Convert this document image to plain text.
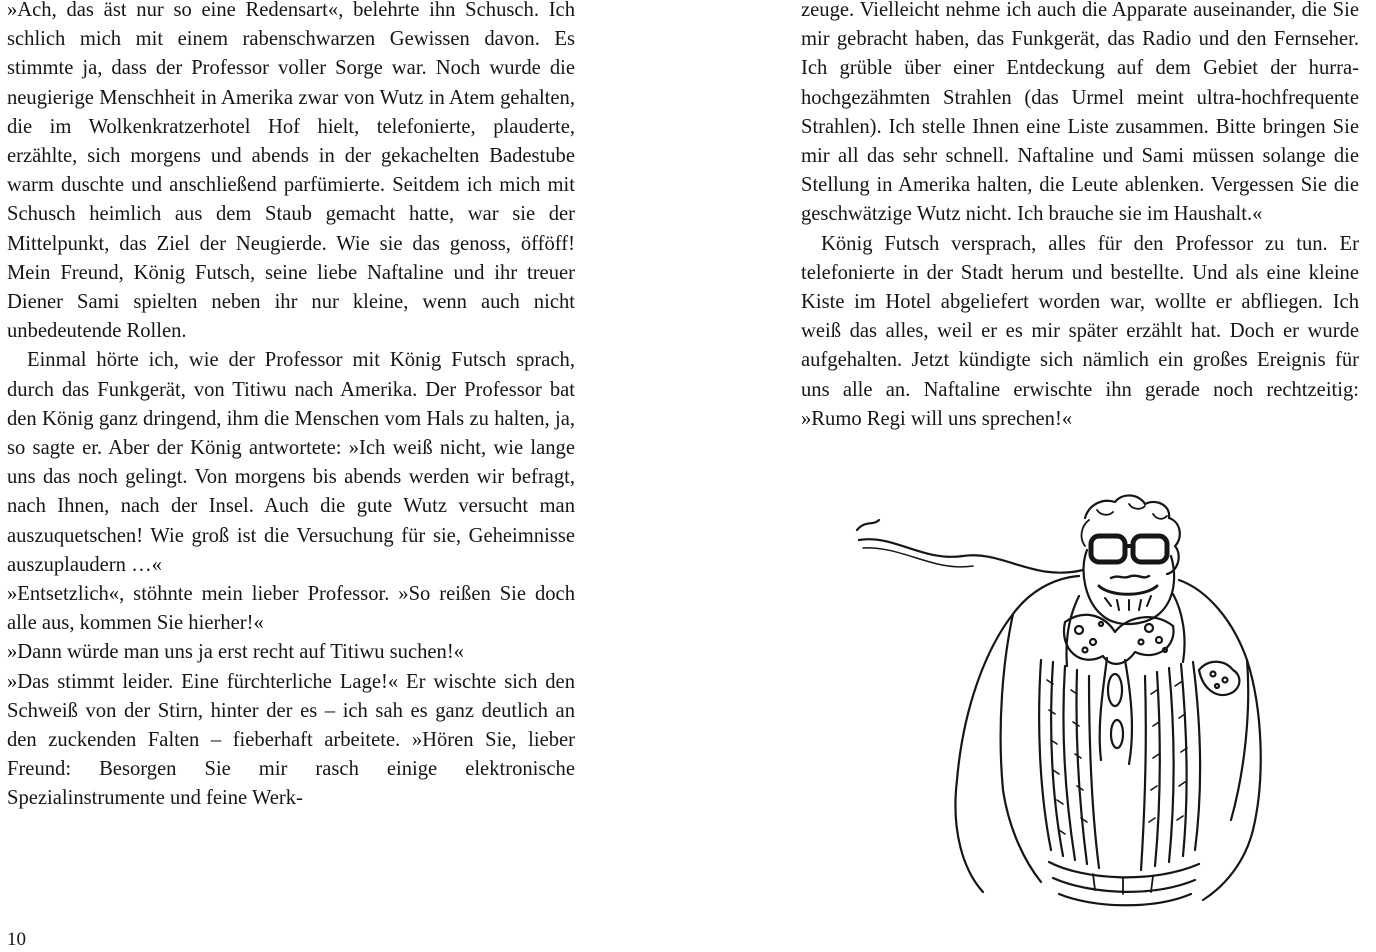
»Ach, das äst nur so eine Redensart«, belehrte ihn Schusch. Ich schlich mich mit einem rabenschwarzen Gewissen davon. Es stimmte ja, dass der Professor voller Sorge war. Noch wurde die neugierige Menschheit in Amerika zwar von Wutz in Atem gehalten, die im Wolkenkratzerhotel Hof hielt, telefonierte, plauderte, erzählte, sich morgens und abends in der gekachelten Badestube warm duschte und anschließend parfümierte. Seitdem ich mich mit Schusch heimlich aus dem Staub gemacht hatte, war sie der Mittelpunkt, das Ziel der Neugierde. Wie sie das genoss, öfföff! Mein Freund, König Futsch, seine liebe Naftaline und ihr treuer Diener Sami spielten neben ihr nur kleine, wenn auch nicht unbedeutende Rollen.

Einmal hörte ich, wie der Professor mit König Futsch sprach, durch das Funkgerät, von Titiwu nach Amerika. Der Professor bat den König ganz dringend, ihm die Menschen vom Hals zu halten, ja, so sagte er. Aber der König antwortete: »Ich weiß nicht, wie lange uns das noch gelingt. Von morgens bis abends werden wir befragt, nach Ihnen, nach der Insel. Auch die gute Wutz versucht man auszuquetschen! Wie groß ist die Versuchung für sie, Geheimnisse auszuplaudern …«

»Entsetzlich«, stöhnte mein lieber Professor. »So reißen Sie doch alle aus, kommen Sie hierher!«

»Dann würde man uns ja erst recht auf Titiwu suchen!«

»Das stimmt leider. Eine fürchterliche Lage!« Er wischte sich den Schweiß von der Stirn, hinter der es – ich sah es ganz deutlich an den zuckenden Falten – fieberhaft arbeitete. »Hören Sie, lieber Freund: Besorgen Sie mir rasch einige elektronische Spezialinstrumente und feine Werk-

10

zeuge. Vielleicht nehme ich auch die Apparate auseinander, die Sie mir gebracht haben, das Funkgerät, das Radio und den Fernseher. Ich grüble über einer Entdeckung auf dem Gebiet der hurra-hochgezähmten Strahlen (das Urmel meint ultra-hochfrequente Strahlen). Ich stelle Ihnen eine Liste zusammen. Bitte bringen Sie mir all das sehr schnell. Naftaline und Sami müssen solange die Stellung in Amerika halten, die Leute ablenken. Vergessen Sie die geschwätzige Wutz nicht. Ich brauche sie im Haushalt.«

König Futsch versprach, alles für den Professor zu tun. Er telefonierte in der Stadt herum und bestellte. Und als eine kleine Kiste im Hotel abgeliefert worden war, wollte er abfliegen. Ich weiß das alles, weil er es mir später erzählt hat. Doch er wurde aufgehalten. Jetzt kündigte sich nämlich ein großes Ereignis für uns alle an. Naftaline erwischte ihn gerade noch rechtzeitig: »Rumo Regi will uns sprechen!«
